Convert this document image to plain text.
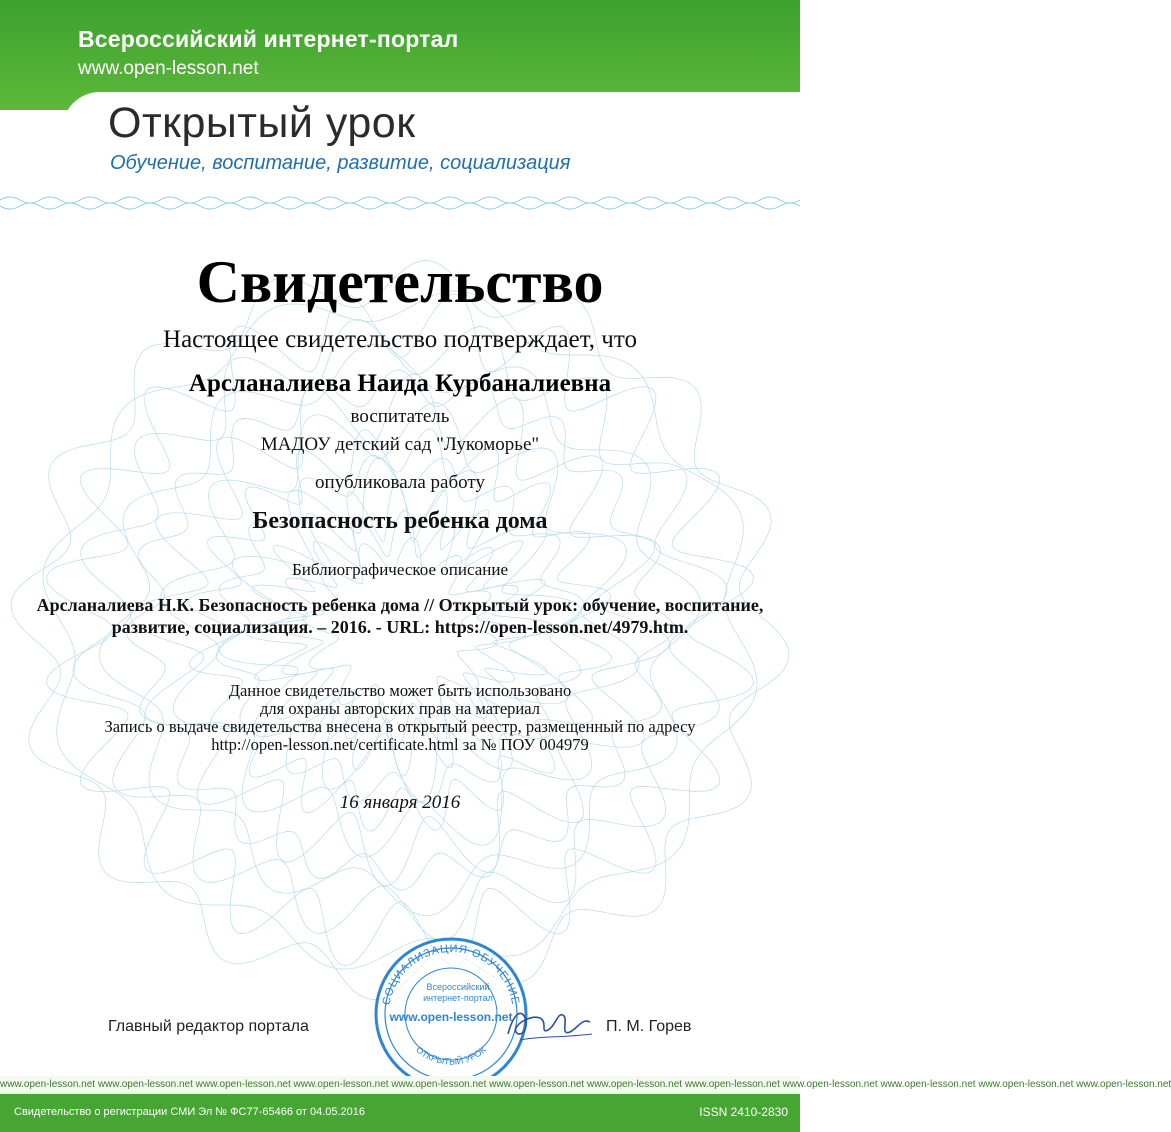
Всероссийский интернет-портал
www.open-lesson.net
Открытый урок
Обучение, воспитание, развитие, социализация
Свидетельство
Настоящее свидетельство подтверждает, что
Арсланалиева Наида Курбаналиевна
воспитатель
МАДОУ детский сад "Лукоморье"
опубликовала работу
Безопасность ребенка дома
Библиографическое описание
Арсланалиева Н.К. Безопасность ребенка дома // Открытый урок: обучение, воспитание, развитие, социализация. – 2016. - URL: https://open-lesson.net/4979.htm.
Данное свидетельство может быть использовано
для охраны авторских прав на материал
Запись о выдаче свидетельства внесена в открытый реестр, размещенный по адресу
http://open-lesson.net/certificate.html за № ПОУ 004979
16 января 2016
Главный редактор портала	П. М. Горев
СОЦИАЛИЗАЦИЯ ОБУЧЕНИЕ
Всероссийский
интернет-портал
www.open-lesson.net
ОТКРЫТЫЙ УРОК
www.open-lesson.net www.open-lesson.net www.open-lesson.net www.open-lesson.net www.open-lesson.net www.open-lesson.net www.open-lesson.net www.open-lesson.net www.open-lesson.net www.open-lesson.net www.open-lesson.net www.open-lesson.net
Свидетельство о регистрации СМИ Эл № ФС77-65466 от 04.05.2016	ISSN 2410-2830
